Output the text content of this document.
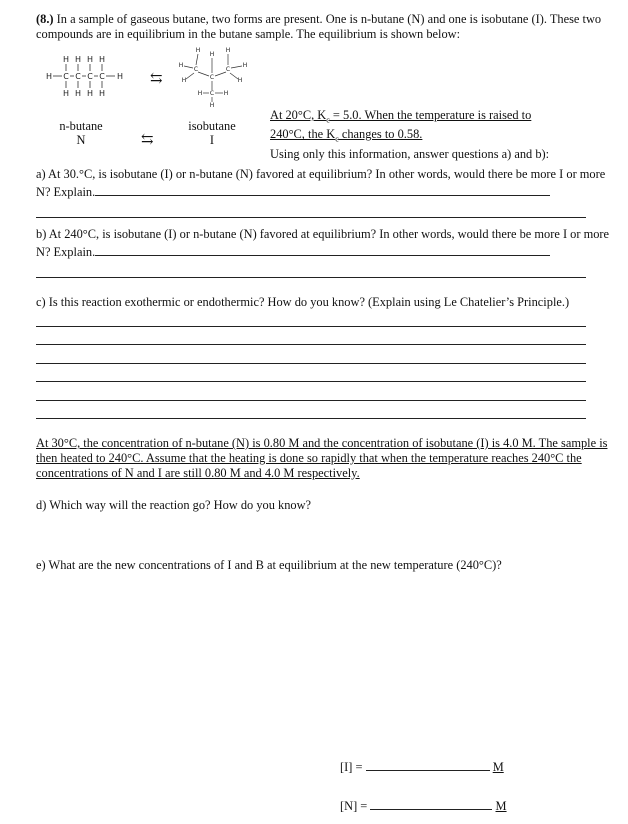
(8.) In a sample of gaseous butane, two forms are present. One is n-butane (N) and one is isobutane (I). These two compounds are in equilibrium in the butane sample. The equilibrium is shown below:
H H H H
H C C C C H
H H H H
⇆
H
H
H
H
C	C
H
H	C	H
H C H
H
n-butane
N	⇆
isobutane
I
At 20°C, $K_c = 5.0$. When the temperature is raised to
240°C, the $K_c$ changes to 0.58.
Using only this information, answer questions a) and b):
a) At 30.°C, is isobutane (I) or n-butane (N) favored at equilibrium? In other words, would there be more I or more N? Explain.
b) At 240°C, is isobutane (I) or n-butane (N) favored at equilibrium? In other words, would there be more I or more N? Explain.
c) Is this reaction exothermic or endothermic? How do you know? (Explain using Le Chatelier’s Principle.)
At 30°C, the concentration of n-butane (N) is 0.80 M and the concentration of isobutane (I) is 4.0 M. The sample is then heated to 240°C. Assume that the heating is done so rapidly that when the temperature reaches 240°C the concentrations of N and I are still 0.80 M and 4.0 M respectively.
d) Which way will the reaction go? How do you know?
e) What are the new concentrations of I and B at equilibrium at the new temperature (240°C)?
[I] =	M
[N] =	M
